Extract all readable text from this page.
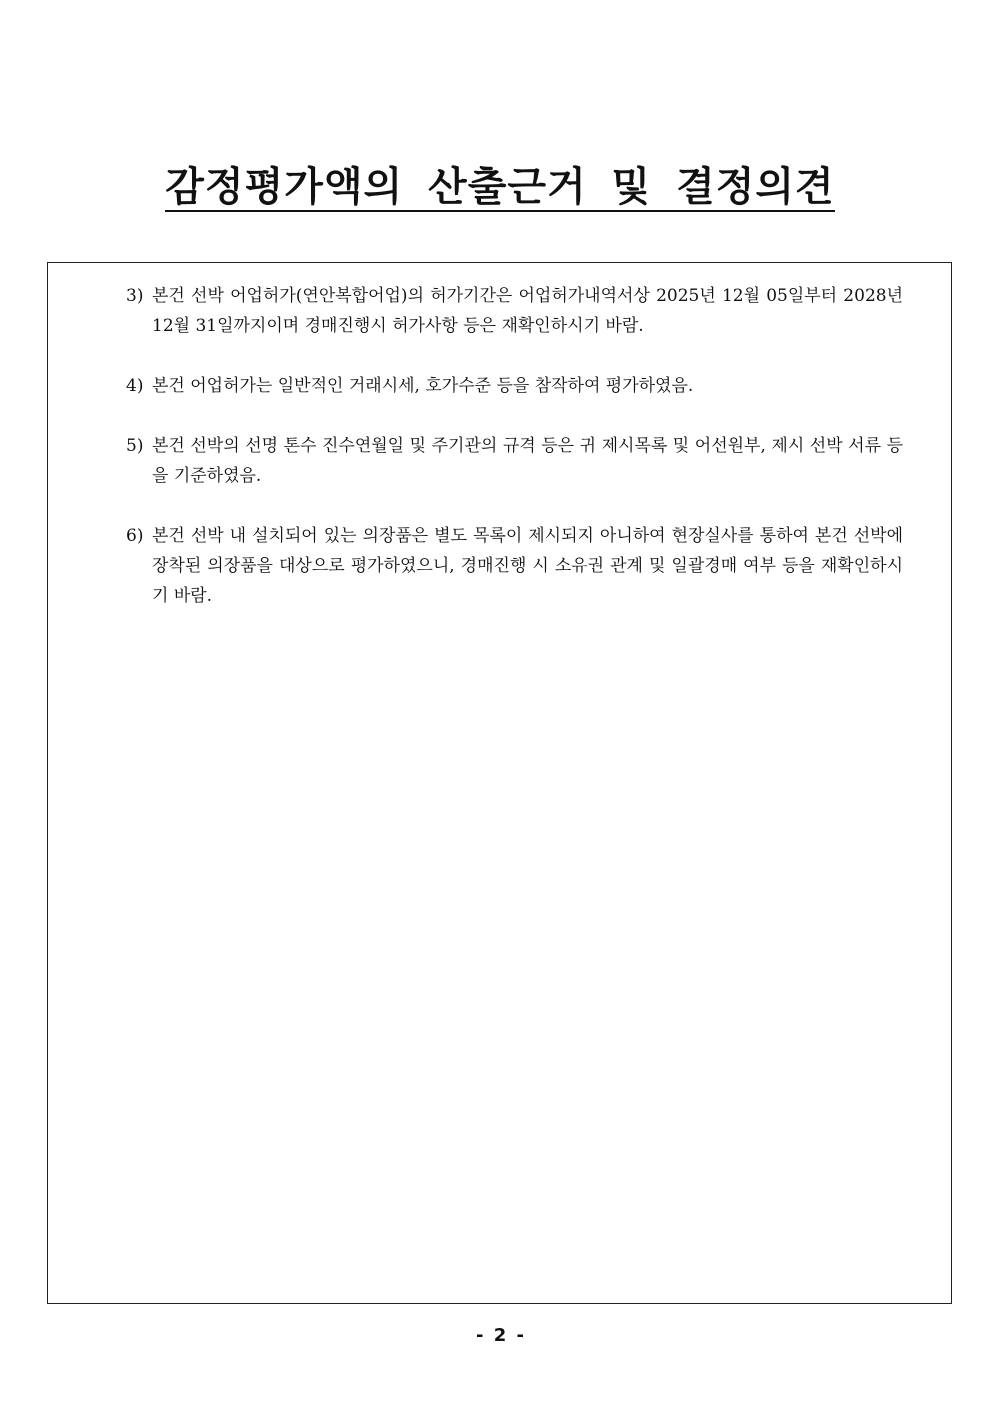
감정평가액의 산출근거 및 결정의견
3) 본건 선박 어업허가(연안복합어업)의 허가기간은 어업허가내역서상 2025년 12월 05일부터 2028년 12월 31일까지이며 경매진행시 허가사항 등은 재확인하시기 바람.
4) 본건 어업허가는 일반적인 거래시세, 호가수준 등을 참작하여 평가하였음.
5) 본건 선박의 선명 톤수 진수연월일 및 주기관의 규격 등은 귀 제시목록 및 어선원부, 제시 선박 서류 등을 기준하였음.
6) 본건 선박 내 설치되어 있는 의장품은 별도 목록이 제시되지 아니하여 현장실사를 통하여 본건 선박에 장착된 의장품을 대상으로 평가하였으니, 경매진행 시 소유권 관계 및 일괄경매 여부 등을 재확인하시기 바람.
- 2 -
